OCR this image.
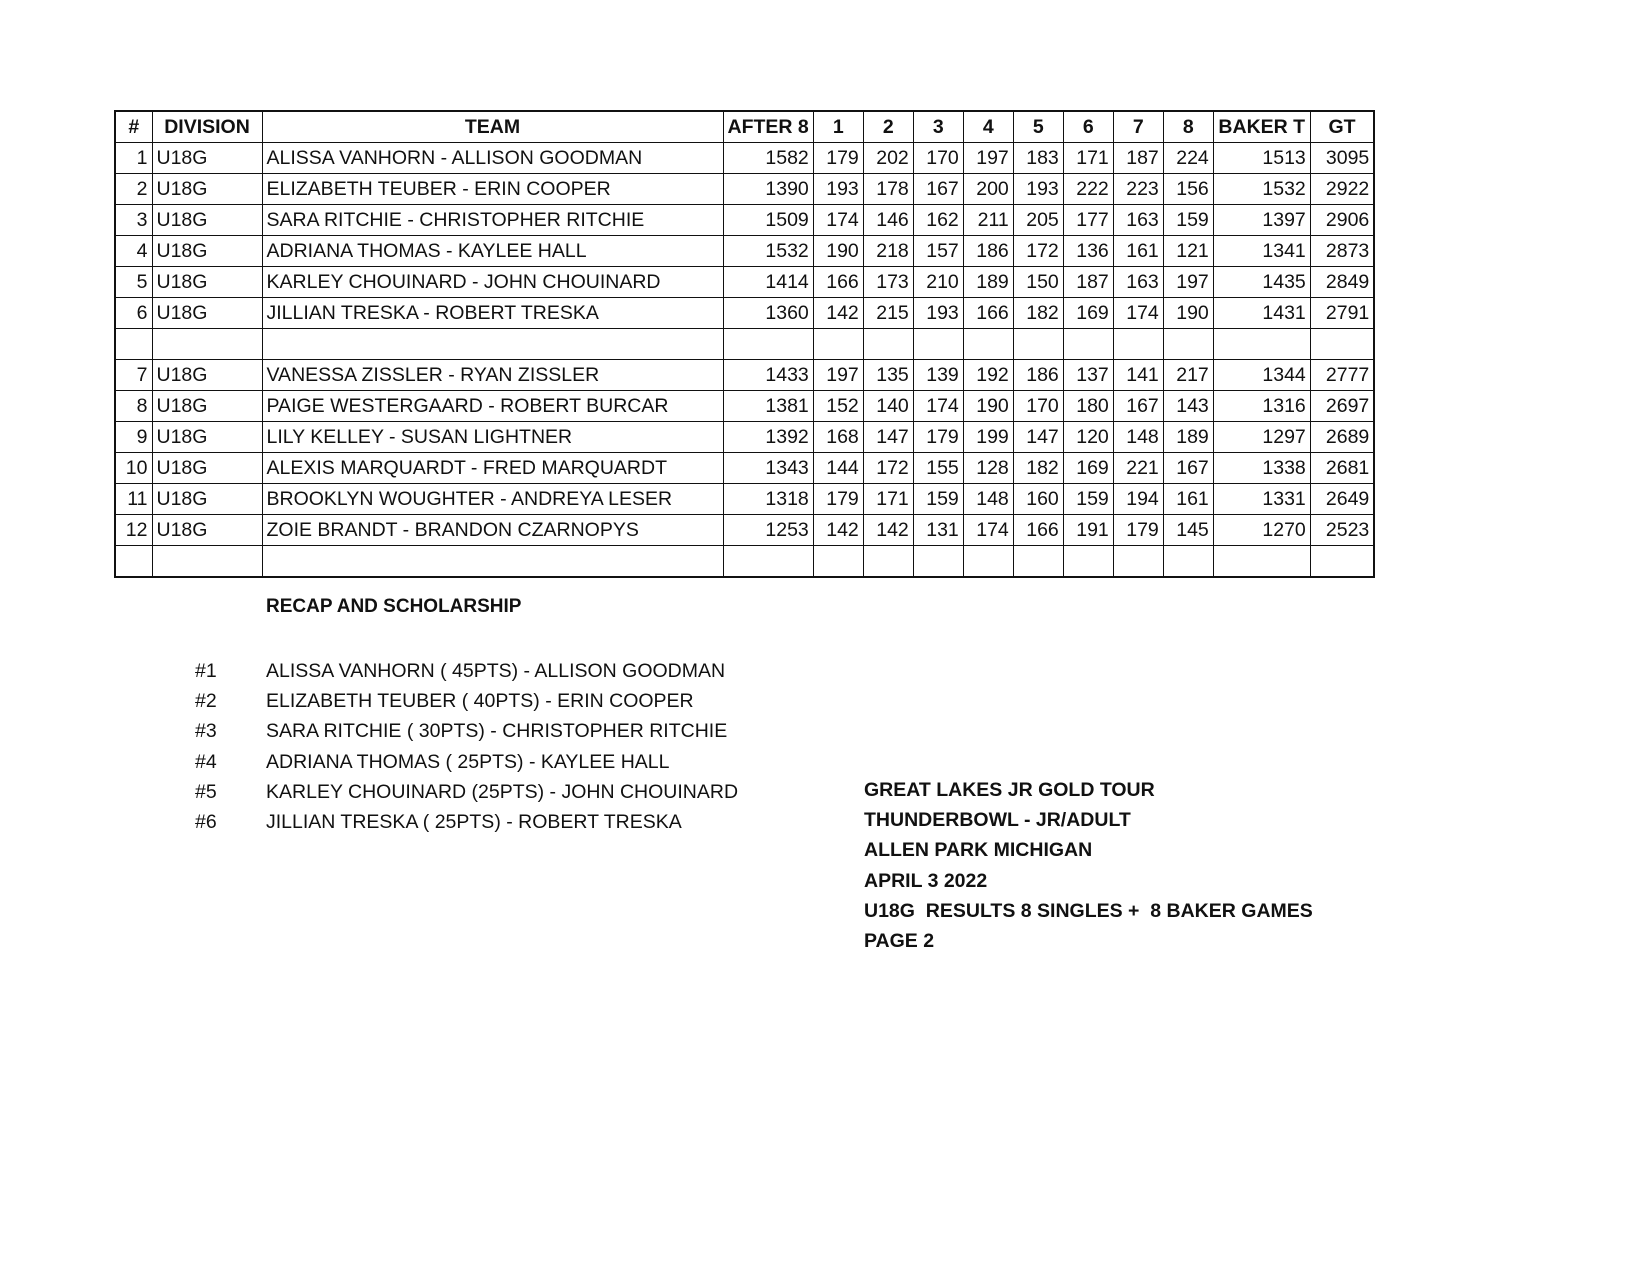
#	DIVISION	TEAM	AFTER 8	1	2	3	4	5	6	7	8	BAKER T	GT
1	U18G	ALISSA VANHORN - ALLISON GOODMAN	1582	179	202	170	197	183	171	187	224	1513	3095
2	U18G	ELIZABETH TEUBER - ERIN COOPER	1390	193	178	167	200	193	222	223	156	1532	2922
3	U18G	SARA RITCHIE - CHRISTOPHER RITCHIE	1509	174	146	162	211	205	177	163	159	1397	2906
4	U18G	ADRIANA THOMAS - KAYLEE HALL	1532	190	218	157	186	172	136	161	121	1341	2873
5	U18G	KARLEY CHOUINARD - JOHN CHOUINARD	1414	166	173	210	189	150	187	163	197	1435	2849
6	U18G	JILLIAN TRESKA - ROBERT TRESKA	1360	142	215	193	166	182	169	174	190	1431	2791

7	U18G	VANESSA ZISSLER - RYAN ZISSLER	1433	197	135	139	192	186	137	141	217	1344	2777
8	U18G	PAIGE WESTERGAARD - ROBERT BURCAR	1381	152	140	174	190	170	180	167	143	1316	2697
9	U18G	LILY KELLEY - SUSAN LIGHTNER	1392	168	147	179	199	147	120	148	189	1297	2689
10	U18G	ALEXIS MARQUARDT - FRED MARQUARDT	1343	144	172	155	128	182	169	221	167	1338	2681
11	U18G	BROOKLYN WOUGHTER - ANDREYA LESER	1318	179	171	159	148	160	159	194	161	1331	2649
12	U18G	ZOIE BRANDT - BRANDON CZARNOPYS	1253	142	142	131	174	166	191	179	145	1270	2523

RECAP AND SCHOLARSHIP
#1	ALISSA VANHORN ( 45PTS) - ALLISON GOODMAN
#2	ELIZABETH TEUBER ( 40PTS) - ERIN COOPER
#3	SARA RITCHIE ( 30PTS) - CHRISTOPHER RITCHIE
#4	ADRIANA THOMAS ( 25PTS) - KAYLEE HALL
#5	KARLEY CHOUINARD (25PTS) - JOHN CHOUINARD
#6	JILLIAN TRESKA ( 25PTS) - ROBERT TRESKA
GREAT LAKES JR GOLD TOUR
THUNDERBOWL - JR/ADULT
ALLEN PARK MICHIGAN
APRIL 3 2022
U18G  RESULTS 8 SINGLES +  8 BAKER GAMES
PAGE 2
